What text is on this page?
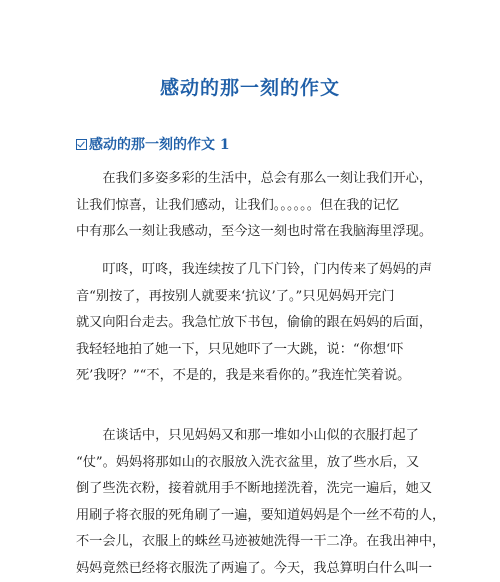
感动的那一刻的作文
感动的那一刻的作文 1

　　在我们多姿多彩的生活中，总会有那么一刻让我们开心，
让我们惊喜，让我们感动，让我们。。。。。。但在我的记忆
中有那么一刻让我感动，至今这一刻也时常在我脑海里浮现。

　　叮咚，叮咚，我连续按了几下门铃，门内传来了妈妈的声
音“别按了，再按别人就要来‘抗议’了。”只见妈妈开完门
就又向阳台走去。我急忙放下书包，偷偷的跟在妈妈的后面，
我轻轻地拍了她一下，只见她吓了一大跳，说：“你想‘吓
死’我呀？”“不，不是的，我是来看你的。”我连忙笑着说。

　　在谈话中，只见妈妈又和那一堆如小山似的衣服打起了
“仗”。妈妈将那如山的衣服放入洗衣盆里，放了些水后，又
倒了些洗衣粉，接着就用手不断地搓洗着，洗完一遍后，她又
用刷子将衣服的死角刷了一遍，要知道妈妈是个一丝不苟的人，
不一会儿，衣服上的蛛丝马迹被她洗得一干二净。在我出神中，
妈妈竟然已经将衣服洗了两遍了。今天，我总算明白什么叫一
